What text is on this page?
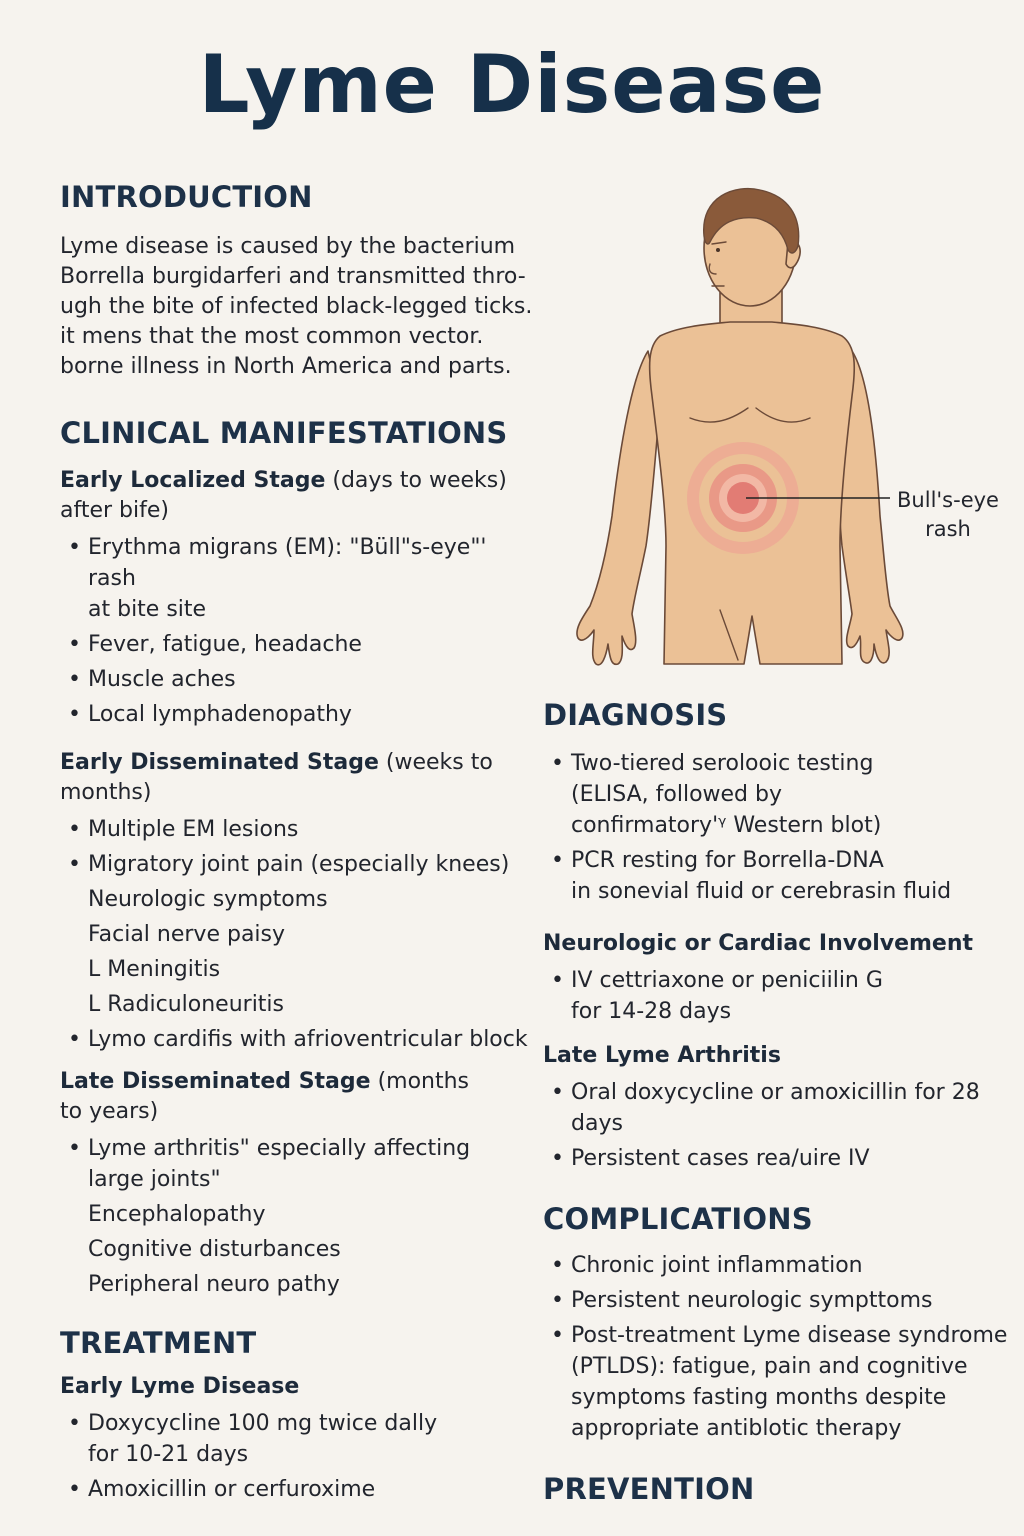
Lyme Disease
INTRODUCTION

Lyme disease is caused by the bacterium
Borrella burgidarferi and transmitted thro-
ugh the bite of infected black-legged ticks.
it mens that the most common vector.
borne illness in North America and parts.

CLINICAL MANIFESTATIONS

Early Localized Stage (days to weeks)
after bife)

• Erythma migrans (EM): "Büll"s-eye"' rash
at bite site
• Fever, fatigue, headache
• Muscle aches
• Local lymphadenopathy

Early Disseminated Stage (weeks to
months)

• Multiple EM lesions
• Migratory joint pain (especially knees)
Neurologic symptoms
Facial nerve paisy
L Meningitis
L Radiculoneuritis
• Lymo cardifis with afrioventricular block

Late Disseminated Stage (months
to years)

• Lyme arthritis" especially affecting
large joints"
Encephalopathy
Cognitive disturbances
Peripheral neuro pathy
TREATMENT

Early Lyme Disease

• Doxycycline 100 mg twice dally
for 10-21 days
• Amoxicillin or cerfuroxime
Bull's-eye
rash
DIAGNOSIS
• Two-tiered serolooic testing
(ELISA, followed by
confirmatory'ᵞ Western blot)
• PCR resting for Borrella-DNA
in sonevial fluid or cerebrasin fluid

Neurologic or Cardiac Involvement

• IV cettriaxone or peniciilin G
for 14-28 days

Late Lyme Arthritis

• Oral doxycycline or amoxicillin for 28 days
• Persistent cases rea/uire IV
COMPLICATIONS
• Chronic joint inflammation
• Persistent neurologic sympttoms
• Post-treatment Lyme disease syndrome
(PTLDS): fatigue, pain and cognitive
symptoms fasting months despite
appropriate antiblotic therapy
PREVENTION
